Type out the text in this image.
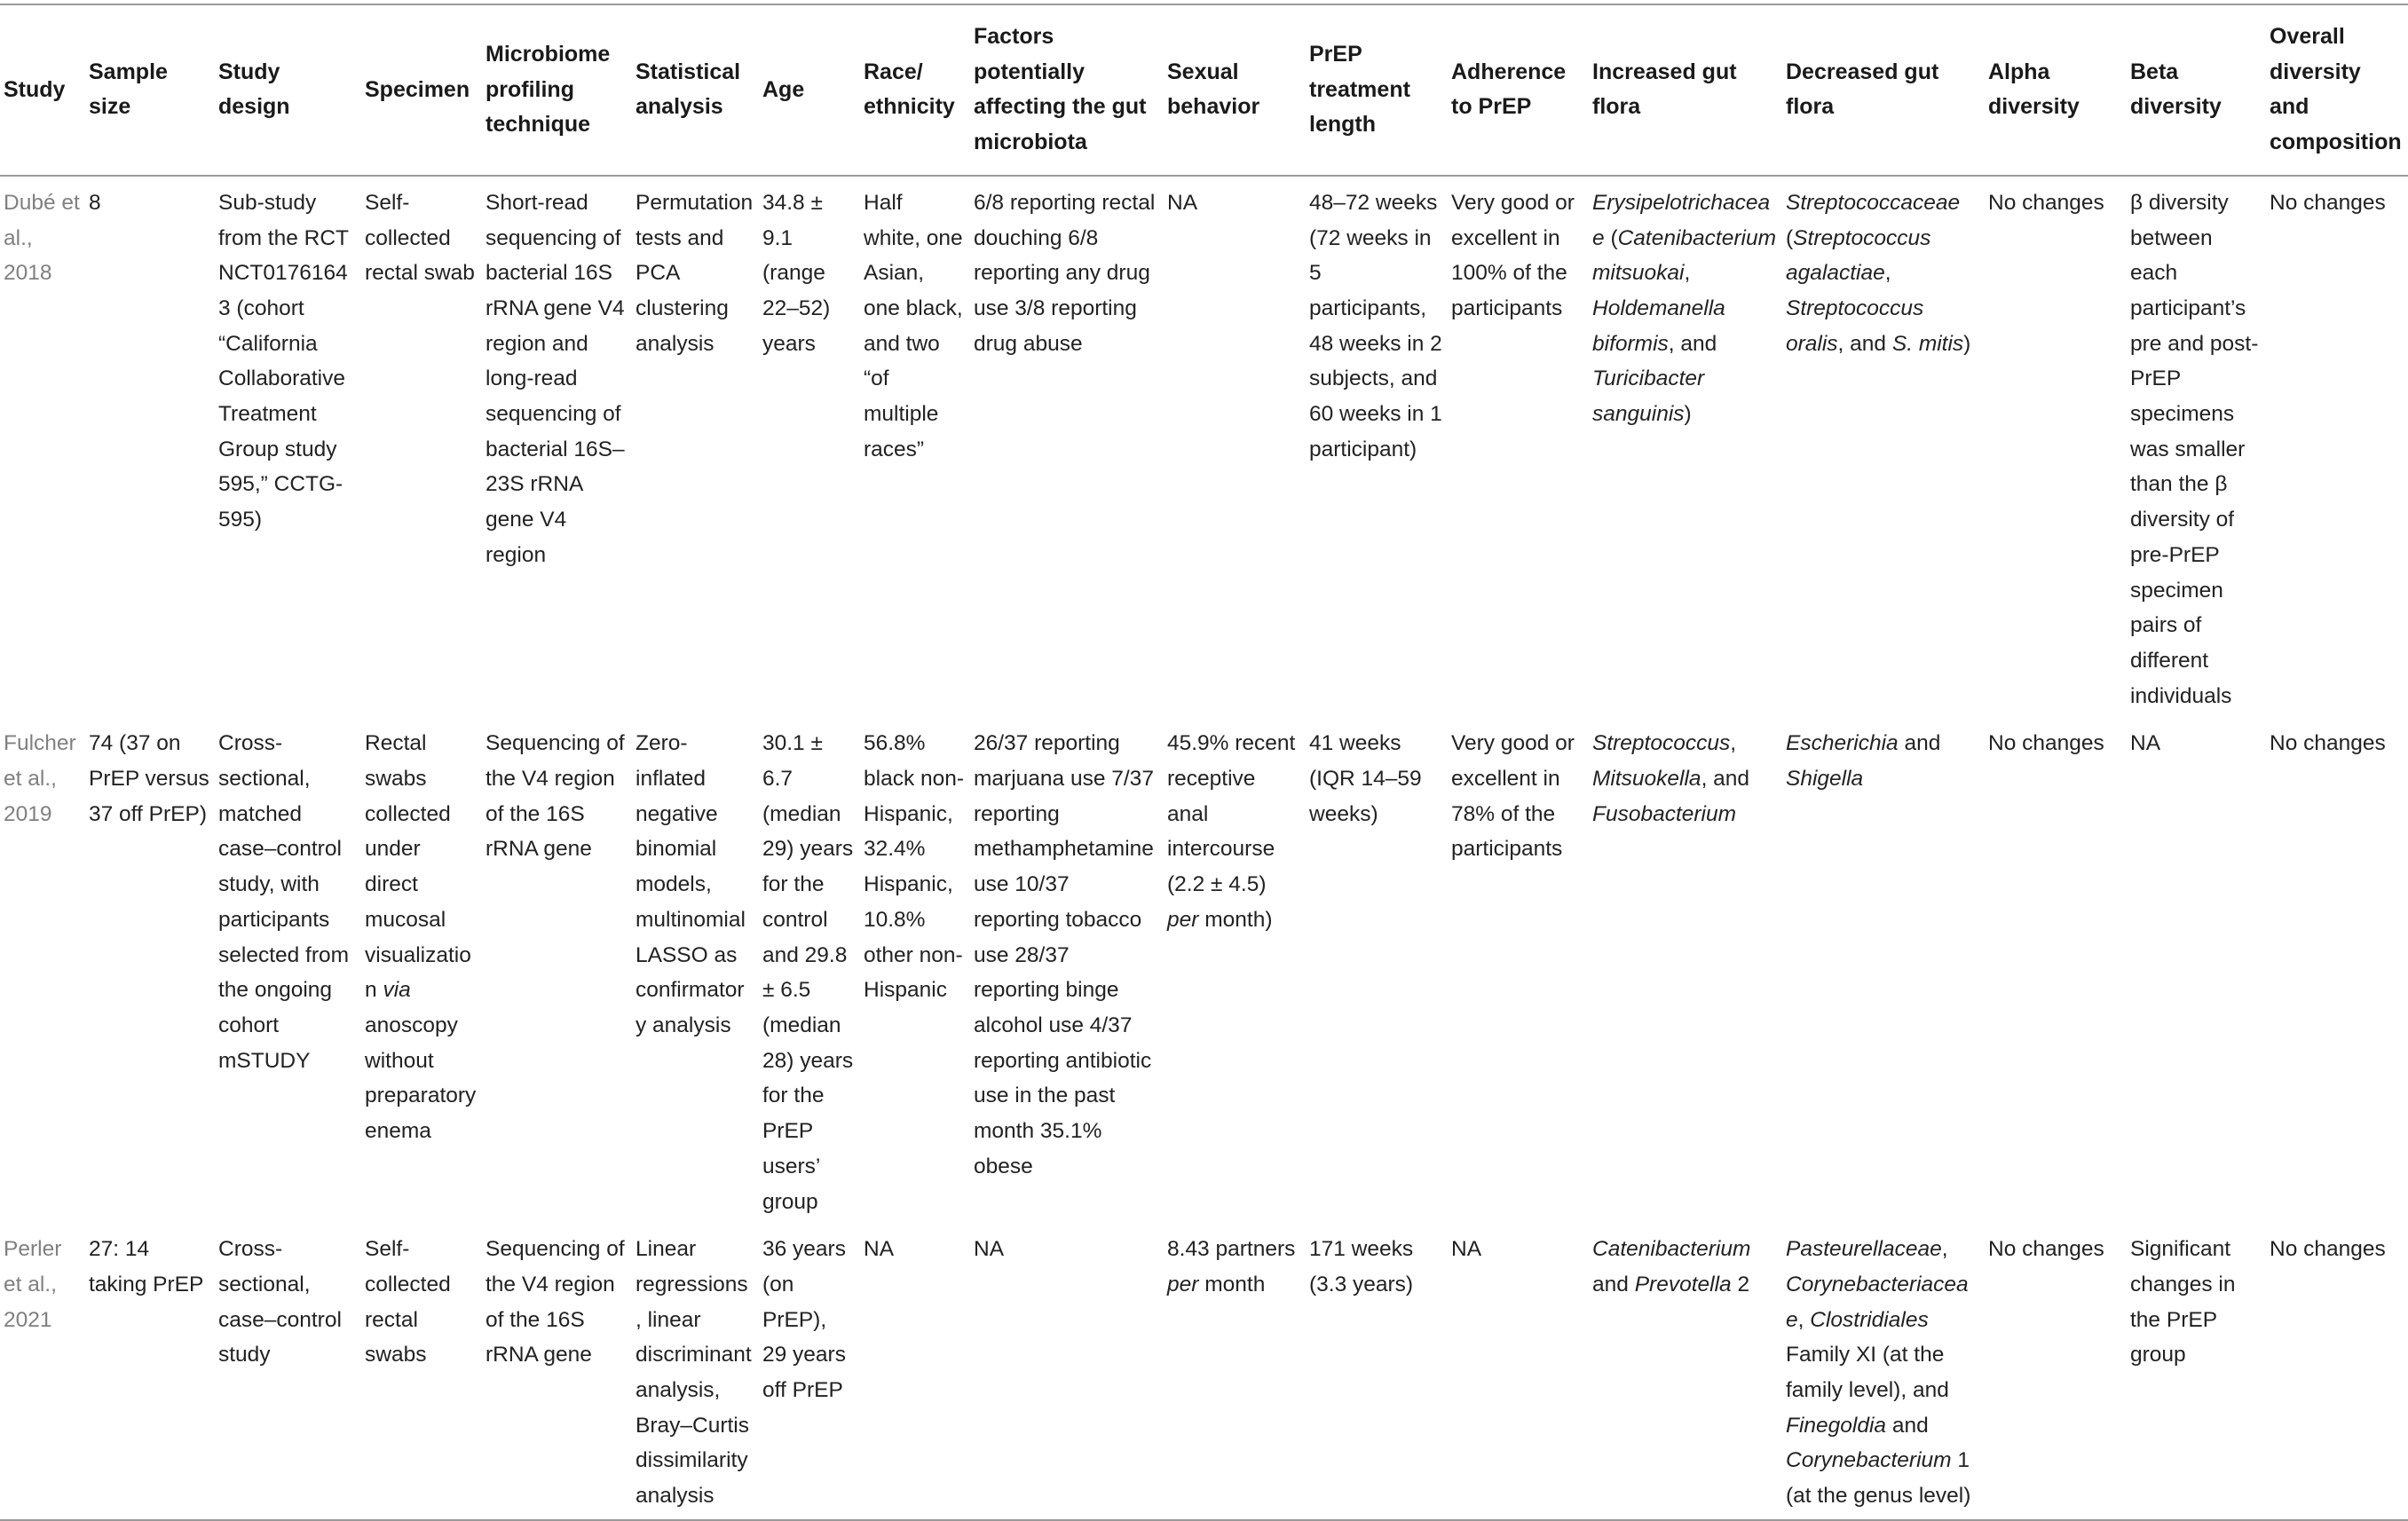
Study	Sample size	Study design	Specimen	Microbiome profiling technique	Statistical analysis	Age	Race/ ethnicity	Factors potentially affecting the gut microbiota	Sexual behavior	PrEP treatment length	Adherence to PrEP	Increased gut flora	Decreased gut flora	Alpha diversity	Beta diversity	Overall diversity and composition
Dubé et al., 2018	8	Sub-study from the RCT NCT01761643 (cohort “California Collaborative Treatment Group study 595,” CCTG-595)	Self-collected rectal swab	Short-read sequencing of bacterial 16S rRNA gene V4 region and long-read sequencing of bacterial 16S–23S rRNA gene V4 region	Permutation tests and PCA clustering analysis	34.8 ± 9.1 (range 22–52) years	Half white, one Asian, one black, and two “of multiple races”	6/8 reporting rectal douching 6/8 reporting any drug use 3/8 reporting drug abuse	NA	48–72 weeks (72 weeks in 5 participants, 48 weeks in 2 subjects, and 60 weeks in 1 participant)	Very good or excellent in 100% of the participants	Erysipelotrichaceae (Catenibacterium mitsuokai, Holdemanella biformis, and Turicibacter sanguinis)	Streptococcaceae (Streptococcus agalactiae, Streptococcus oralis, and S. mitis)	No changes	β diversity between each participant’s pre and post-PrEP specimens was smaller than the β diversity of pre-PrEP specimen pairs of different individuals	No changes
Fulcher et al., 2019	74 (37 on PrEP versus 37 off PrEP)	Cross-sectional, matched case–control study, with participants selected from the ongoing cohort mSTUDY	Rectal swabs collected under direct mucosal visualization via anoscopy without preparatory enema	Sequencing of the V4 region of the 16S rRNA gene	Zero-inflated negative binomial models, multinomial LASSO as confirmatory analysis	30.1 ± 6.7 (median 29) years for the control and 29.8 ± 6.5 (median 28) years for the PrEP users’ group	56.8% black non-Hispanic, 32.4% Hispanic, 10.8% other non-Hispanic	26/37 reporting marjuana use 7/37 reporting methamphetamine use 10/37 reporting tobacco use 28/37 reporting binge alcohol use 4/37 reporting antibiotic use in the past month 35.1% obese	45.9% recent receptive anal intercourse (2.2 ± 4.5) per month)	41 weeks (IQR 14–59 weeks)	Very good or excellent in 78% of the participants	Streptococcus, Mitsuokella, and Fusobacterium	Escherichia and Shigella	No changes	NA	No changes
Perler et al., 2021	27: 14 taking PrEP	Cross-sectional, case–control study	Self-collected rectal swabs	Sequencing of the V4 region of the 16S rRNA gene	Linear regressions, linear discriminant analysis, Bray–Curtis dissimilarity analysis	36 years (on PrEP), 29 years off PrEP	NA	NA	8.43 partners per month	171 weeks (3.3 years)	NA	Catenibacterium and Prevotella 2	Pasteurellaceae, Corynebacteriaceae, Clostridiales Family XI (at the family level), and Finegoldia and Corynebacterium 1 (at the genus level)	No changes	Significant changes in the PrEP group	No changes
